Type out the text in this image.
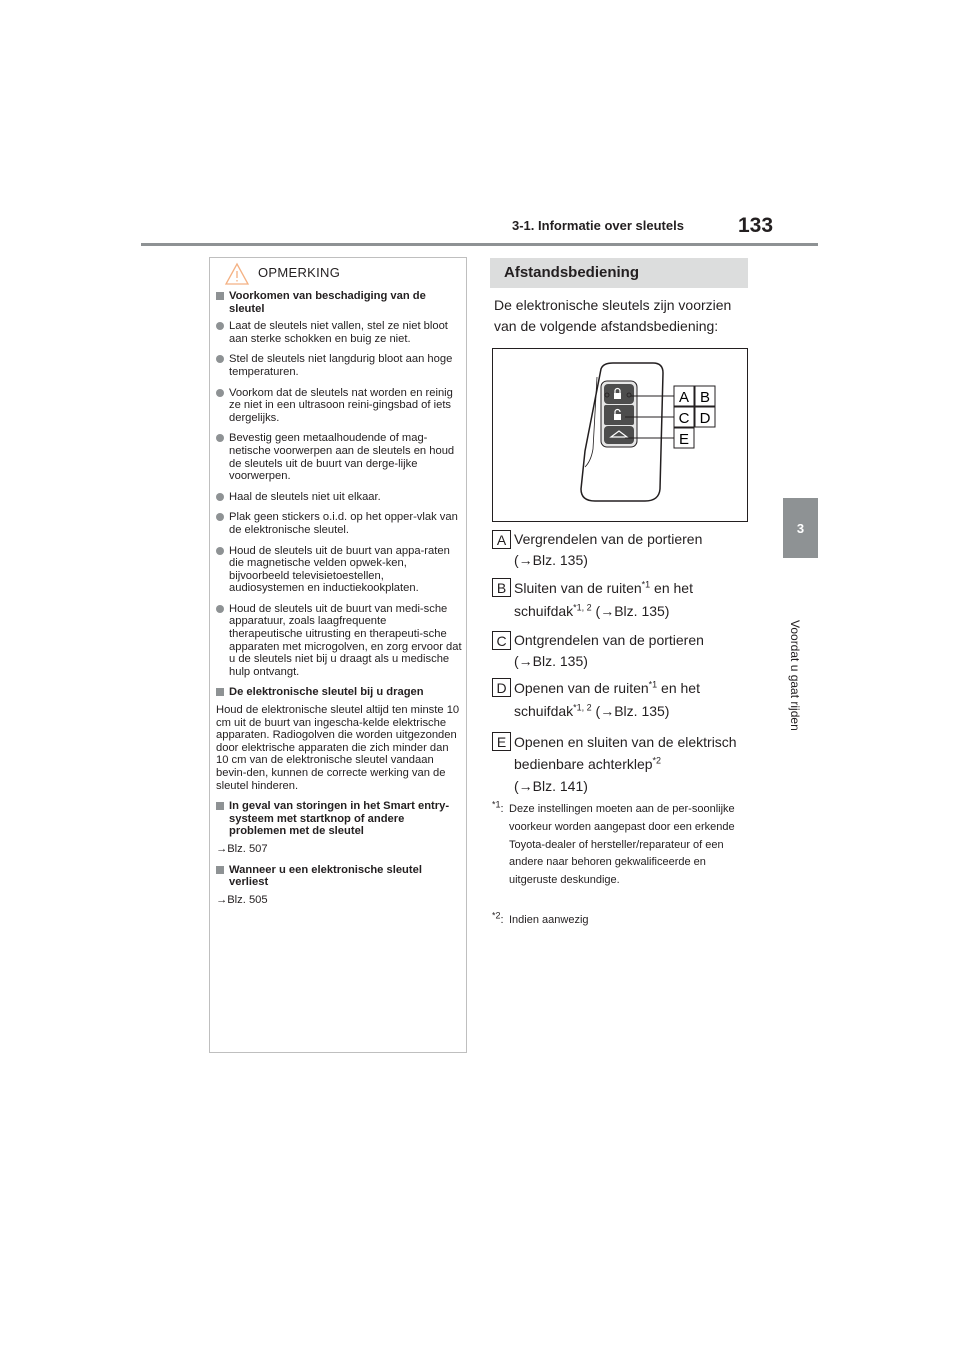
3-1. Informatie over sleutels	133
3
Voordat u gaat rijden
OPMERKING

Voorkomen van beschadiging van de sleutel

Laat de sleutels niet vallen, stel ze niet bloot aan sterke schokken en buig ze niet.

Stel de sleutels niet langdurig bloot aan hoge temperaturen.

Voorkom dat de sleutels nat worden en reinig ze niet in een ultrasoon reini-gingsbad of iets dergelijks.

Bevestig geen metaalhoudende of mag-netische voorwerpen aan de sleutels en houd de sleutels uit de buurt van derge-lijke voorwerpen.

Haal de sleutels niet uit elkaar.

Plak geen stickers o.i.d. op het opper-vlak van de elektronische sleutel.

Houd de sleutels uit de buurt van appa-raten die magnetische velden opwek-ken, bijvoorbeeld televisietoestellen, audiosystemen en inductiekookplaten.

Houd de sleutels uit de buurt van medi-sche apparatuur, zoals laagfrequente therapeutische uitrusting en therapeuti-sche apparaten met microgolven, en zorg ervoor dat u de sleutels niet bij u draagt als u medische hulp ontvangt.

De elektronische sleutel bij u dragen

Houd de elektronische sleutel altijd ten minste 10 cm uit de buurt van ingescha-kelde elektrische apparaten. Radiogolven die worden uitgezonden door elektrische apparaten die zich minder dan 10 cm van de elektronische sleutel vandaan bevin-den, kunnen de correcte werking van de sleutel hinderen.

In geval van storingen in het Smart entry-systeem met startknop of andere problemen met de sleutel

→Blz. 507

Wanneer u een elektronische sleutel verliest

→Blz. 505

Afstandsbediening
De elektronische sleutels zijn voorzien van de volgende afstandsbediening:
A B
C D
E
A Vergrendelen van de portieren
(→Blz. 135)
B Sluiten van de ruiten$^{*1}$ en het
schuifdak$^{*1, 2}$ (→Blz. 135)
C Ontgrendelen van de portieren
(→Blz. 135)
D Openen van de ruiten$^{*1}$ en het
schuifdak$^{*1, 2}$ (→Blz. 135)
E Openen en sluiten van de elektrisch
bedienbare achterklep$^{*2}$
(→Blz. 141)
$^{*1}$: Deze instellingen moeten aan de per-soonlijke voorkeur worden aangepast door een erkende Toyota-dealer of hersteller/reparateur of een andere naar behoren gekwalificeerde en uitgeruste deskundige.
$^{*2}$: Indien aanwezig
